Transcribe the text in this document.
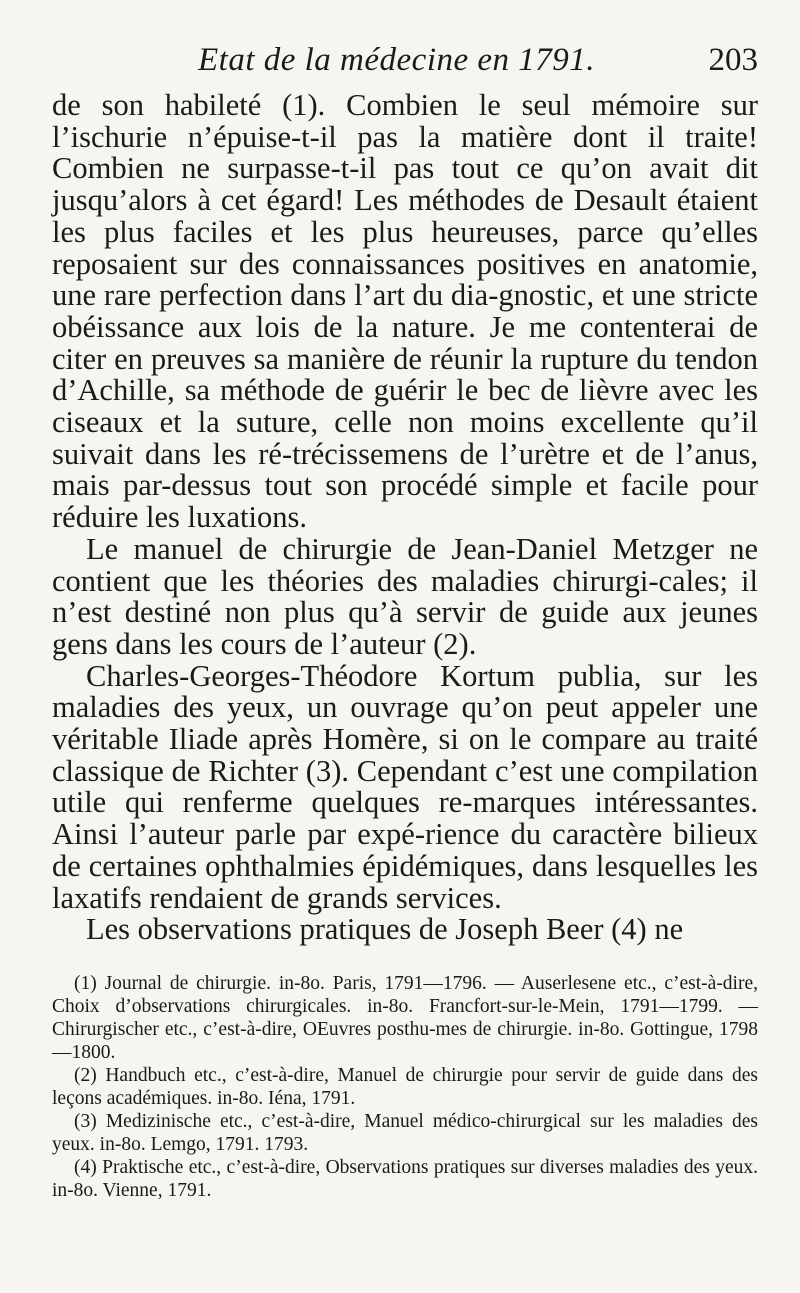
Etat de la médecine en 1791.	203

de son habileté (1). Combien le seul mémoire sur l’ischurie n’épuise-t-il pas la matière dont il traite! Combien ne surpasse-t-il pas tout ce qu’on avait dit jusqu’alors à cet égard! Les méthodes de Desault étaient les plus faciles et les plus heureuses, parce qu’elles reposaient sur des connaissances positives en anatomie, une rare perfection dans l’art du dia-gnostic, et une stricte obéissance aux lois de la nature. Je me contenterai de citer en preuves sa manière de réunir la rupture du tendon d’Achille, sa méthode de guérir le bec de lièvre avec les ciseaux et la suture, celle non moins excellente qu’il suivait dans les ré-trécissemens de l’urètre et de l’anus, mais par-dessus tout son procédé simple et facile pour réduire les luxations.

Le manuel de chirurgie de Jean-Daniel Metzger ne contient que les théories des maladies chirurgi-cales; il n’est destiné non plus qu’à servir de guide aux jeunes gens dans les cours de l’auteur (2).

Charles-Georges-Théodore Kortum publia, sur les maladies des yeux, un ouvrage qu’on peut appeler une véritable Iliade après Homère, si on le compare au traité classique de Richter (3). Cependant c’est une compilation utile qui renferme quelques re-marques intéressantes. Ainsi l’auteur parle par expé-rience du caractère bilieux de certaines ophthalmies épidémiques, dans lesquelles les laxatifs rendaient de grands services.

Les observations pratiques de Joseph Beer (4) ne

(1) Journal de chirurgie. in-8o. Paris, 1791—1796. — Auserlesene etc., c’est-à-dire, Choix d’observations chirurgicales. in-8o. Francfort-sur-le-Mein, 1791—1799. — Chirurgischer etc., c’est-à-dire, OEuvres posthu-mes de chirurgie. in-8o. Gottingue, 1798—1800.

(2) Handbuch etc., c’est-à-dire, Manuel de chirurgie pour servir de guide dans des leçons académiques. in-8o. Iéna, 1791.

(3) Medizinische etc., c’est-à-dire, Manuel médico-chirurgical sur les maladies des yeux. in-8o. Lemgo, 1791. 1793.

(4) Praktische etc., c’est-à-dire, Observations pratiques sur diverses maladies des yeux. in-8o. Vienne, 1791.
